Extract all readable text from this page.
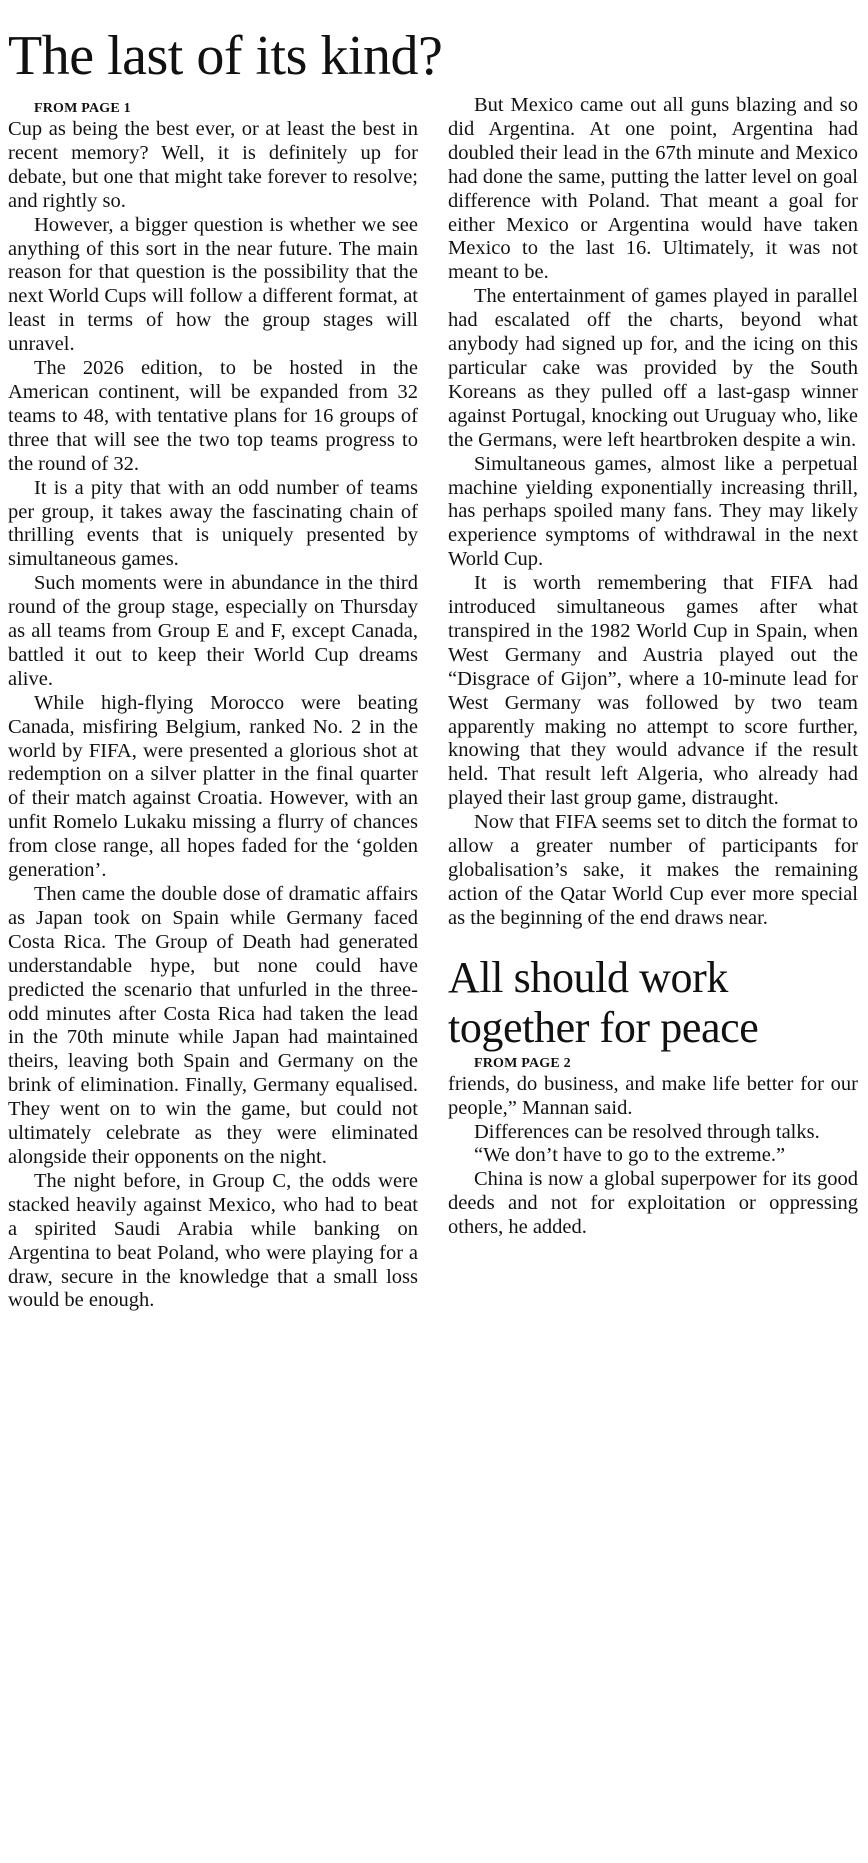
The last of its kind?

FROM PAGE 1

Cup as being the best ever, or at least the best in recent memory? Well, it is definitely up for debate, but one that might take forever to resolve; and rightly so.

However, a bigger question is whether we see anything of this sort in the near future. The main reason for that question is the possibility that the next World Cups will follow a different format, at least in terms of how the group stages will unravel.

The 2026 edition, to be hosted in the American continent, will be expanded from 32 teams to 48, with tentative plans for 16 groups of three that will see the two top teams progress to the round of 32.

It is a pity that with an odd number of teams per group, it takes away the fascinating chain of thrilling events that is uniquely presented by simultaneous games.

Such moments were in abundance in the third round of the group stage, especially on Thursday as all teams from Group E and F, except Canada, battled it out to keep their World Cup dreams alive.

While high-flying Morocco were beating Canada, misfiring Belgium, ranked No. 2 in the world by FIFA, were presented a glorious shot at redemption on a silver platter in the final quarter of their match against Croatia. However, with an unfit Romelo Lukaku missing a flurry of chances from close range, all hopes faded for the ‘golden generation’.

Then came the double dose of dramatic affairs as Japan took on Spain while Germany faced Costa Rica. The Group of Death had generated understandable hype, but none could have predicted the scenario that unfurled in the three-odd minutes after Costa Rica had taken the lead in the 70th minute while Japan had maintained theirs, leaving both Spain and Germany on the brink of elimination. Finally, Germany equalised. They went on to win the game, but could not ultimately celebrate as they were eliminated alongside their opponents on the night.

The night before, in Group C, the odds were stacked heavily against Mexico, who had to beat a spirited Saudi Arabia while banking on Argentina to beat Poland, who were playing for a draw, secure in the knowledge that a small loss would be enough.

But Mexico came out all guns blazing and so did Argentina. At one point, Argentina had doubled their lead in the 67th minute and Mexico had done the same, putting the latter level on goal difference with Poland. That meant a goal for either Mexico or Argentina would have taken Mexico to the last 16. Ultimately, it was not meant to be.

The entertainment of games played in parallel had escalated off the charts, beyond what anybody had signed up for, and the icing on this particular cake was provided by the South Koreans as they pulled off a last-gasp winner against Portugal, knocking out Uruguay who, like the Germans, were left heartbroken despite a win.

Simultaneous games, almost like a perpetual machine yielding exponentially increasing thrill, has perhaps spoiled many fans. They may likely experience symptoms of withdrawal in the next World Cup.

It is worth remembering that FIFA had introduced simultaneous games after what transpired in the 1982 World Cup in Spain, when West Germany and Austria played out the “Disgrace of Gijon”, where a 10-minute lead for West Germany was followed by two team apparently making no attempt to score further, knowing that they would advance if the result held. That result left Algeria, who already had played their last group game, distraught.

Now that FIFA seems set to ditch the format to allow a greater number of participants for globalisation’s sake, it makes the remaining action of the Qatar World Cup ever more special as the beginning of the end draws near.

All should work together for peace

FROM PAGE 2

friends, do business, and make life better for our people,” Mannan said.

Differences can be resolved through talks.

“We don’t have to go to the extreme.”

China is now a global superpower for its good deeds and not for exploitation or oppressing others, he added.
